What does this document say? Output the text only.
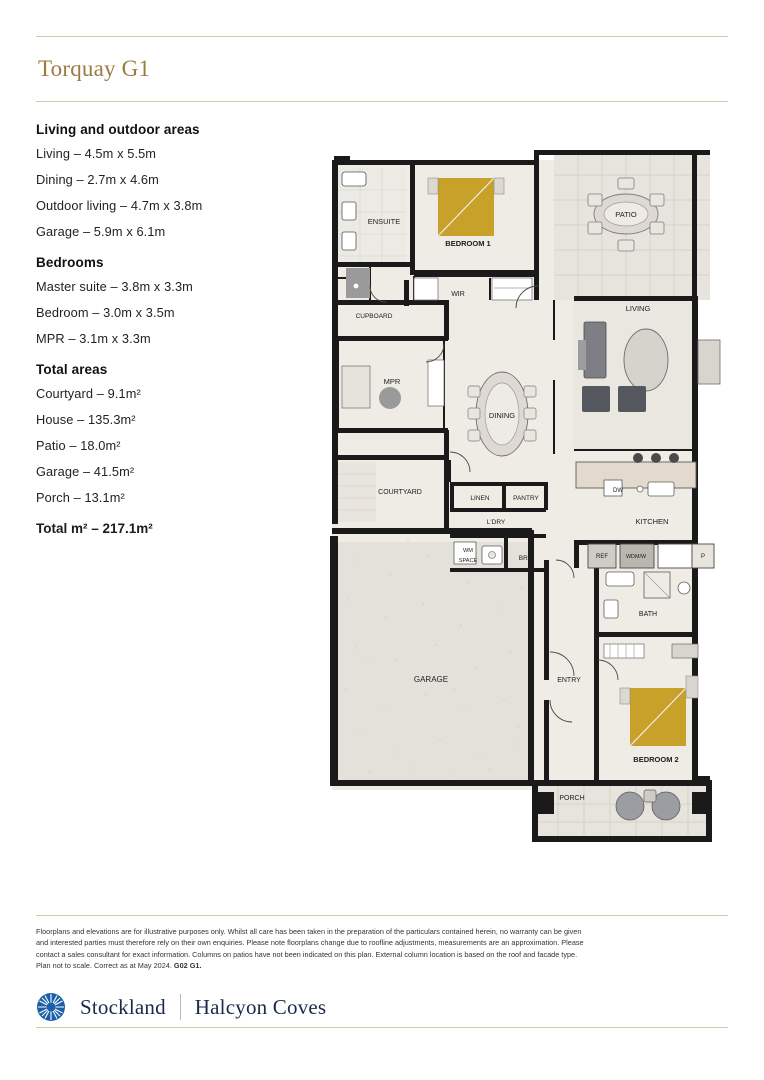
Torquay G1
Living and outdoor areas
Living – 4.5m x 5.5m
Dining – 2.7m x 4.6m
Outdoor living – 4.7m x 3.8m
Garage – 5.9m x 6.1m
Bedrooms
Master suite – 3.8m x 3.3m
Bedroom – 3.0m x 3.5m
MPR – 3.1m x 3.3m
Total areas
Courtyard – 9.1m²
House – 135.3m²
Patio – 18.0m²
Garage – 41.5m²
Porch – 13.1m²
Total m² – 217.1m²
ENSUITE
BEDROOM 1
PATIO
WIR
CUPBOARD
LIVING
MPR
DINING
COURTYARD
LINEN	PANTRY
DW
L'DRY	KITCHEN
WM
SPACE	BRM	REF	WDM/W	P
BATH
GARAGE	ENTRY
BEDROOM 2
PORCH
Floorplans and elevations are for illustrative purposes only. Whilst all care has been taken in the preparation of the particulars contained herein, no warranty can be given
and interested parties must therefore rely on their own enquiries. Please note floorplans change due to roofline adjustments, measurements are an approximation. Please
contact a sales consultant for exact information. Columns on patios have not been indicated on this plan. External column location is based on the roof and facade type.
Plan not to scale. Correct as at May 2024. G02 G1.
Stockland Halcyon Coves
